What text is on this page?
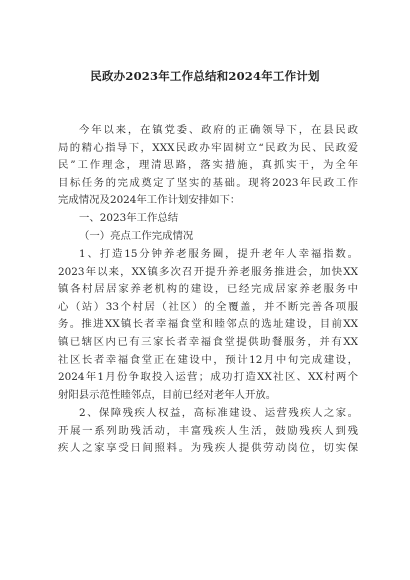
民政办2023年工作总结和2024年工作计划
今年以来，在镇党委、政府的正确领导下，在县民政
局的精心指导下，XXX民政办牢固树立“民政为民、民政爱
民”工作理念，理清思路，落实措施，真抓实干，为全年
目标任务的完成奠定了坚实的基础。现将2023年民政工作
完成情况及2024年工作计划安排如下：
一、2023年工作总结
（一）亮点工作完成情况
1、打造15分钟养老服务圈，提升老年人幸福指数。
2023年以来，XX镇多次召开提升养老服务推进会，加快XX
镇各村居居家养老机构的建设，已经完成居家养老服务中
心（站）33个村居（社区）的全覆盖，并不断完善各项服
务。推进XX镇长者幸福食堂和睦邻点的选址建设，目前XX
镇已辖区内已有三家长者幸福食堂提供助餐服务，并有XX
社区长者幸福食堂正在建设中，预计12月中旬完成建设，
2024年1月份争取投入运营；成功打造XX社区、XX村两个
射阳县示范性睦邻点，目前已经对老年人开放。
2、保障残疾人权益，高标准建设、运营残疾人之家。
开展一系列助残活动，丰富残疾人生活，鼓励残疾人到残
疾人之家享受日间照料。为残疾人提供劳动岗位，切实保
